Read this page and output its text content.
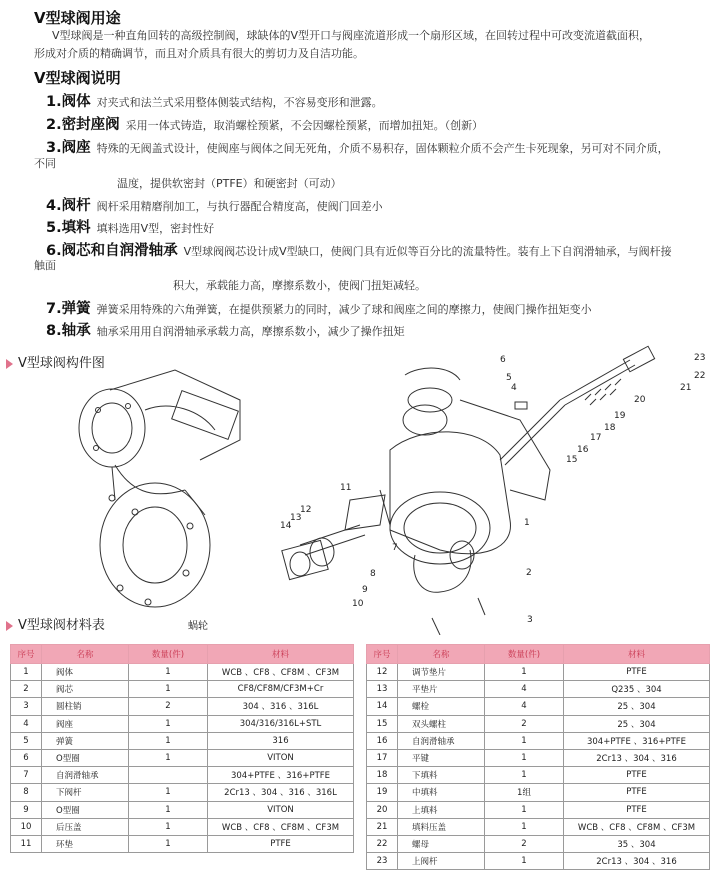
V型球阀用途
V型球阀是一种直角回转的高级控制阀，球缺体的V型开口与阀座流道形成一个扇形区域，在回转过程中可改变流道截面积，
形成对介质的精确调节，而且对介质具有很大的剪切力及自洁功能。
V型球阀说明
1.阀体 对夹式和法兰式采用整体侧装式结构，不容易变形和泄露。
2.密封座阀 采用一体式铸造，取消螺栓预紧，不会因螺栓预紧，而增加扭矩。（创新）
3.阀座 特殊的无阀盖式设计，使阀座与阀体之间无死角，介质不易积存，固体颗粒介质不会产生卡死现象，另可对不同介质，
不同
温度，提供软密封（PTFE）和硬密封（可动）
4.阀杆 阀杆采用精磨削加工，与执行器配合精度高，使阀门回差小
5.填料 填料选用V型，密封性好
6.阀芯和自润滑轴承 V型球阀阀芯设计成V型缺口，使阀门具有近似等百分比的流量特性。装有上下自润滑轴承，与阀杆接
触面
积大，承载能力高，摩擦系数小，使阀门扭矩减轻。
7.弹簧 弹簧采用特殊的六角弹簧，在提供预紧力的同时，减少了球和阀座之间的摩擦力，使阀门操作扭矩变小
8.轴承 轴承采用用自润滑轴承承载力高，摩擦系数小，减少了操作扭矩
V型球阀构件图
1
2
3
4
5
6
7
8
9
10
11
12
13
14
15
16
17
18
19
20
21
22
23
蜗轮
V型球阀材料表
序号	名称	数量(件)	材料
1	阀体	1	WCB 、CF8 、CF8M 、CF3M
2	阀芯	1	CF8/CF8M/CF3M+Cr
3	圆柱销	2	304 、316 、316L
4	阀座	1	304/316/316L+STL
5	弹簧	1	316
6	O型圈	1	VITON
7	自润滑轴承		304+PTFE 、316+PTFE
8	下阀杆	1	2Cr13 、304 、316 、316L
9	O型圈	1	VITON
10	后压盖	1	WCB 、CF8 、CF8M 、CF3M
11	环垫	1	PTFE
序号	名称	数量(件)	材料
12	调节垫片	1	PTFE
13	平垫片	4	Q235 、304
14	螺栓	4	25 、304
15	双头螺柱	2	25 、304
16	自润滑轴承	1	304+PTFE 、316+PTFE
17	平键	1	2Cr13 、304 、316
18	下填料	1	PTFE
19	中填料	1组	PTFE
20	上填料	1	PTFE
21	填料压盖	1	WCB 、CF8 、CF8M 、CF3M
22	螺母	2	35 、304
23	上阀杆	1	2Cr13 、304 、316
